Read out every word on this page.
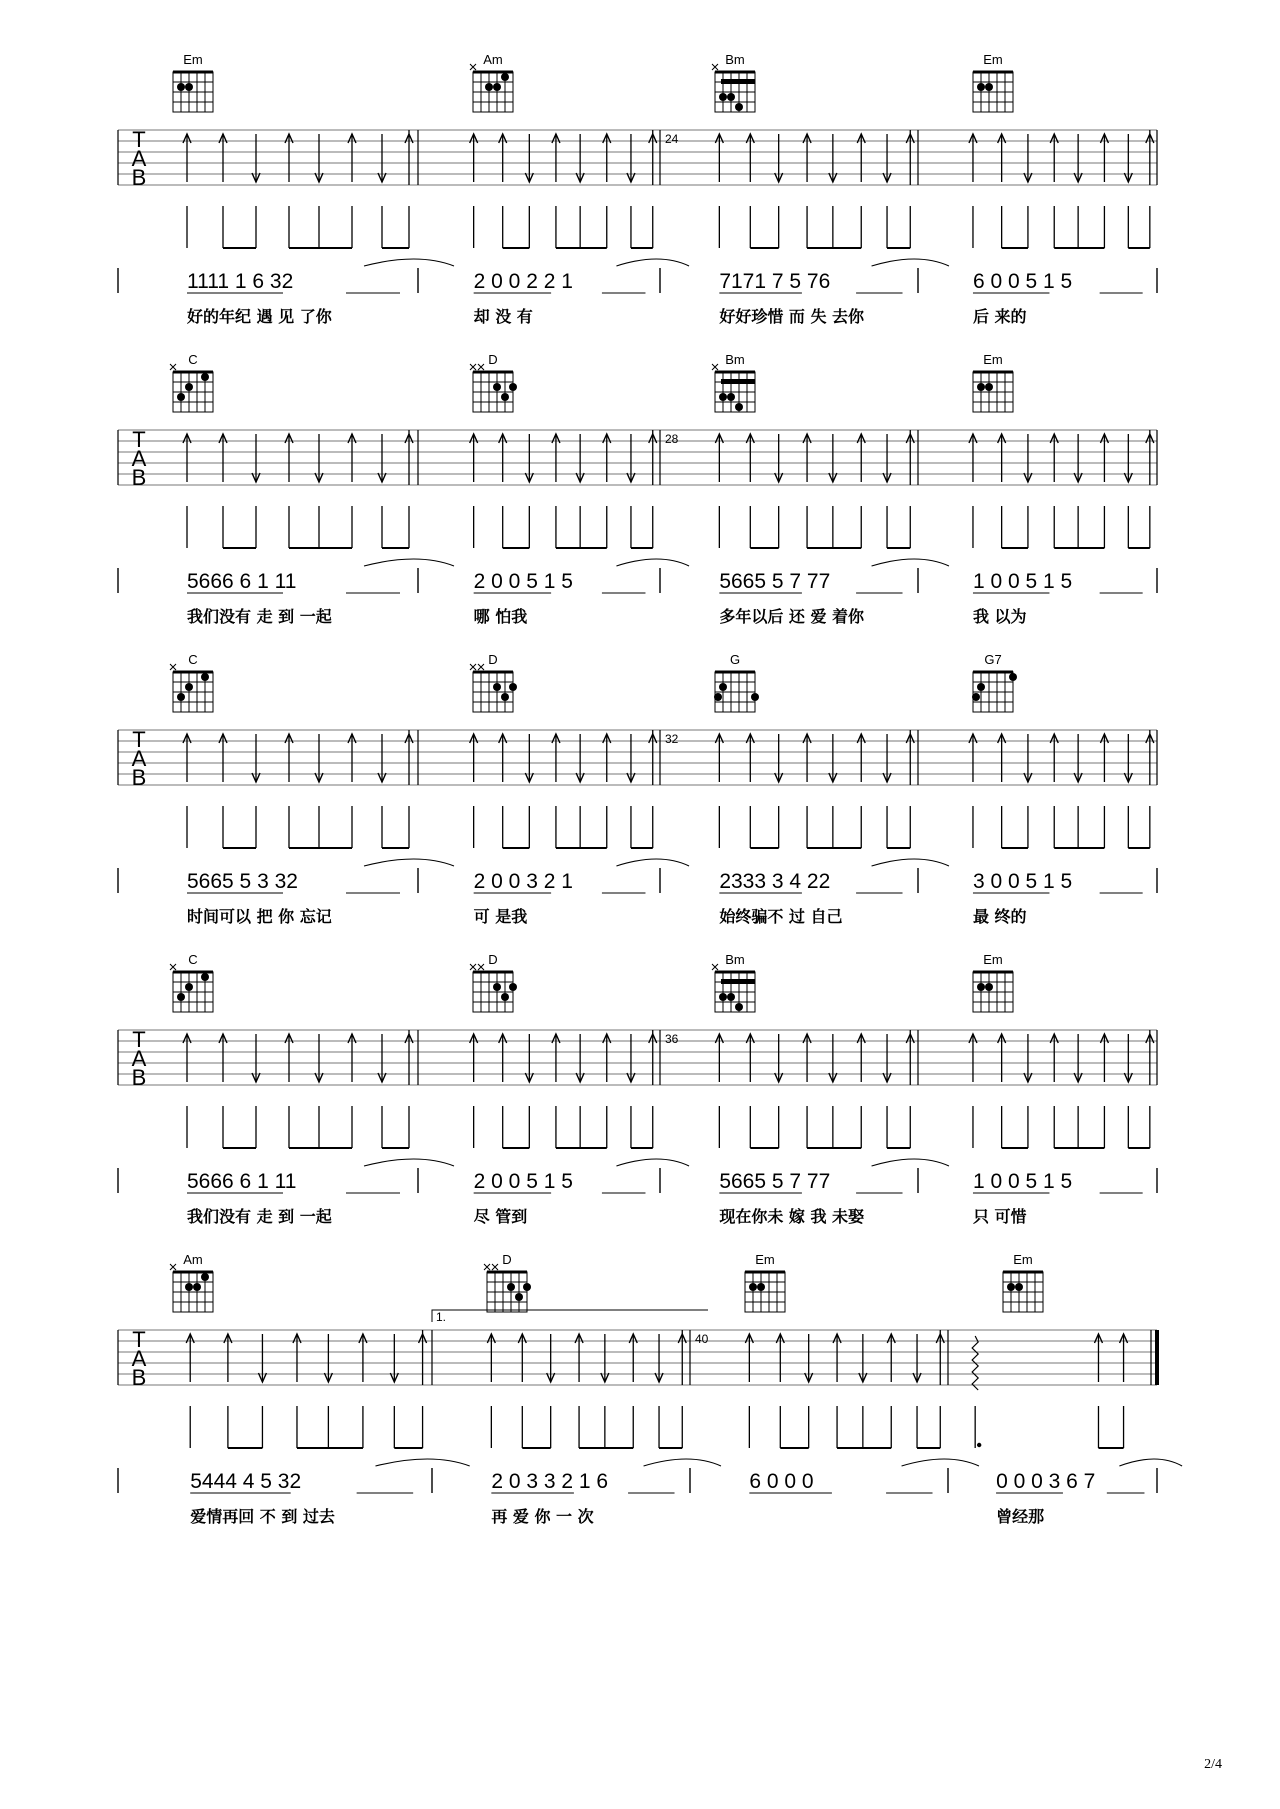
T
A
B
Em
1111 1 6 32
好的年纪 遇 见 了你
Am
2 0 0 2 2 1
却 没 有
Bm
24
7171 7 5 76
好好珍惜 而 失 去你
Em
6 0 0 5 1 5
后 来的
T
A
B
C
5666 6 1 11
我们没有 走 到 一起
D
2 0 0 5 1 5
哪 怕我
Bm
28
5665 5 7 77
多年以后 还 爱 着你
Em
1 0 0 5 1 5
我 以为
T
A
B
C
5665 5 3 32
时间可以 把 你 忘记
D
2 0 0 3 2 1
可 是我
G
32
2333 3 4 22
始终骗不 过 自己
G7
3 0 0 5 1 5
最 终的
T
A
B
C
5666 6 1 11
我们没有 走 到 一起
D
2 0 0 5 1 5
尽 管到
Bm
36
5665 5 7 77
现在你未 嫁 我 未娶
Em
1 0 0 5 1 5
只 可惜
T
A
B
Am
5444 4 5 32
爱情再回 不 到 过去
D
1.
2 0 3 3 2 1 6
再 爱 你 一 次
Em
40
6 0 0 0
Em
0 0 0 3 6 7
曾经那
2/4
